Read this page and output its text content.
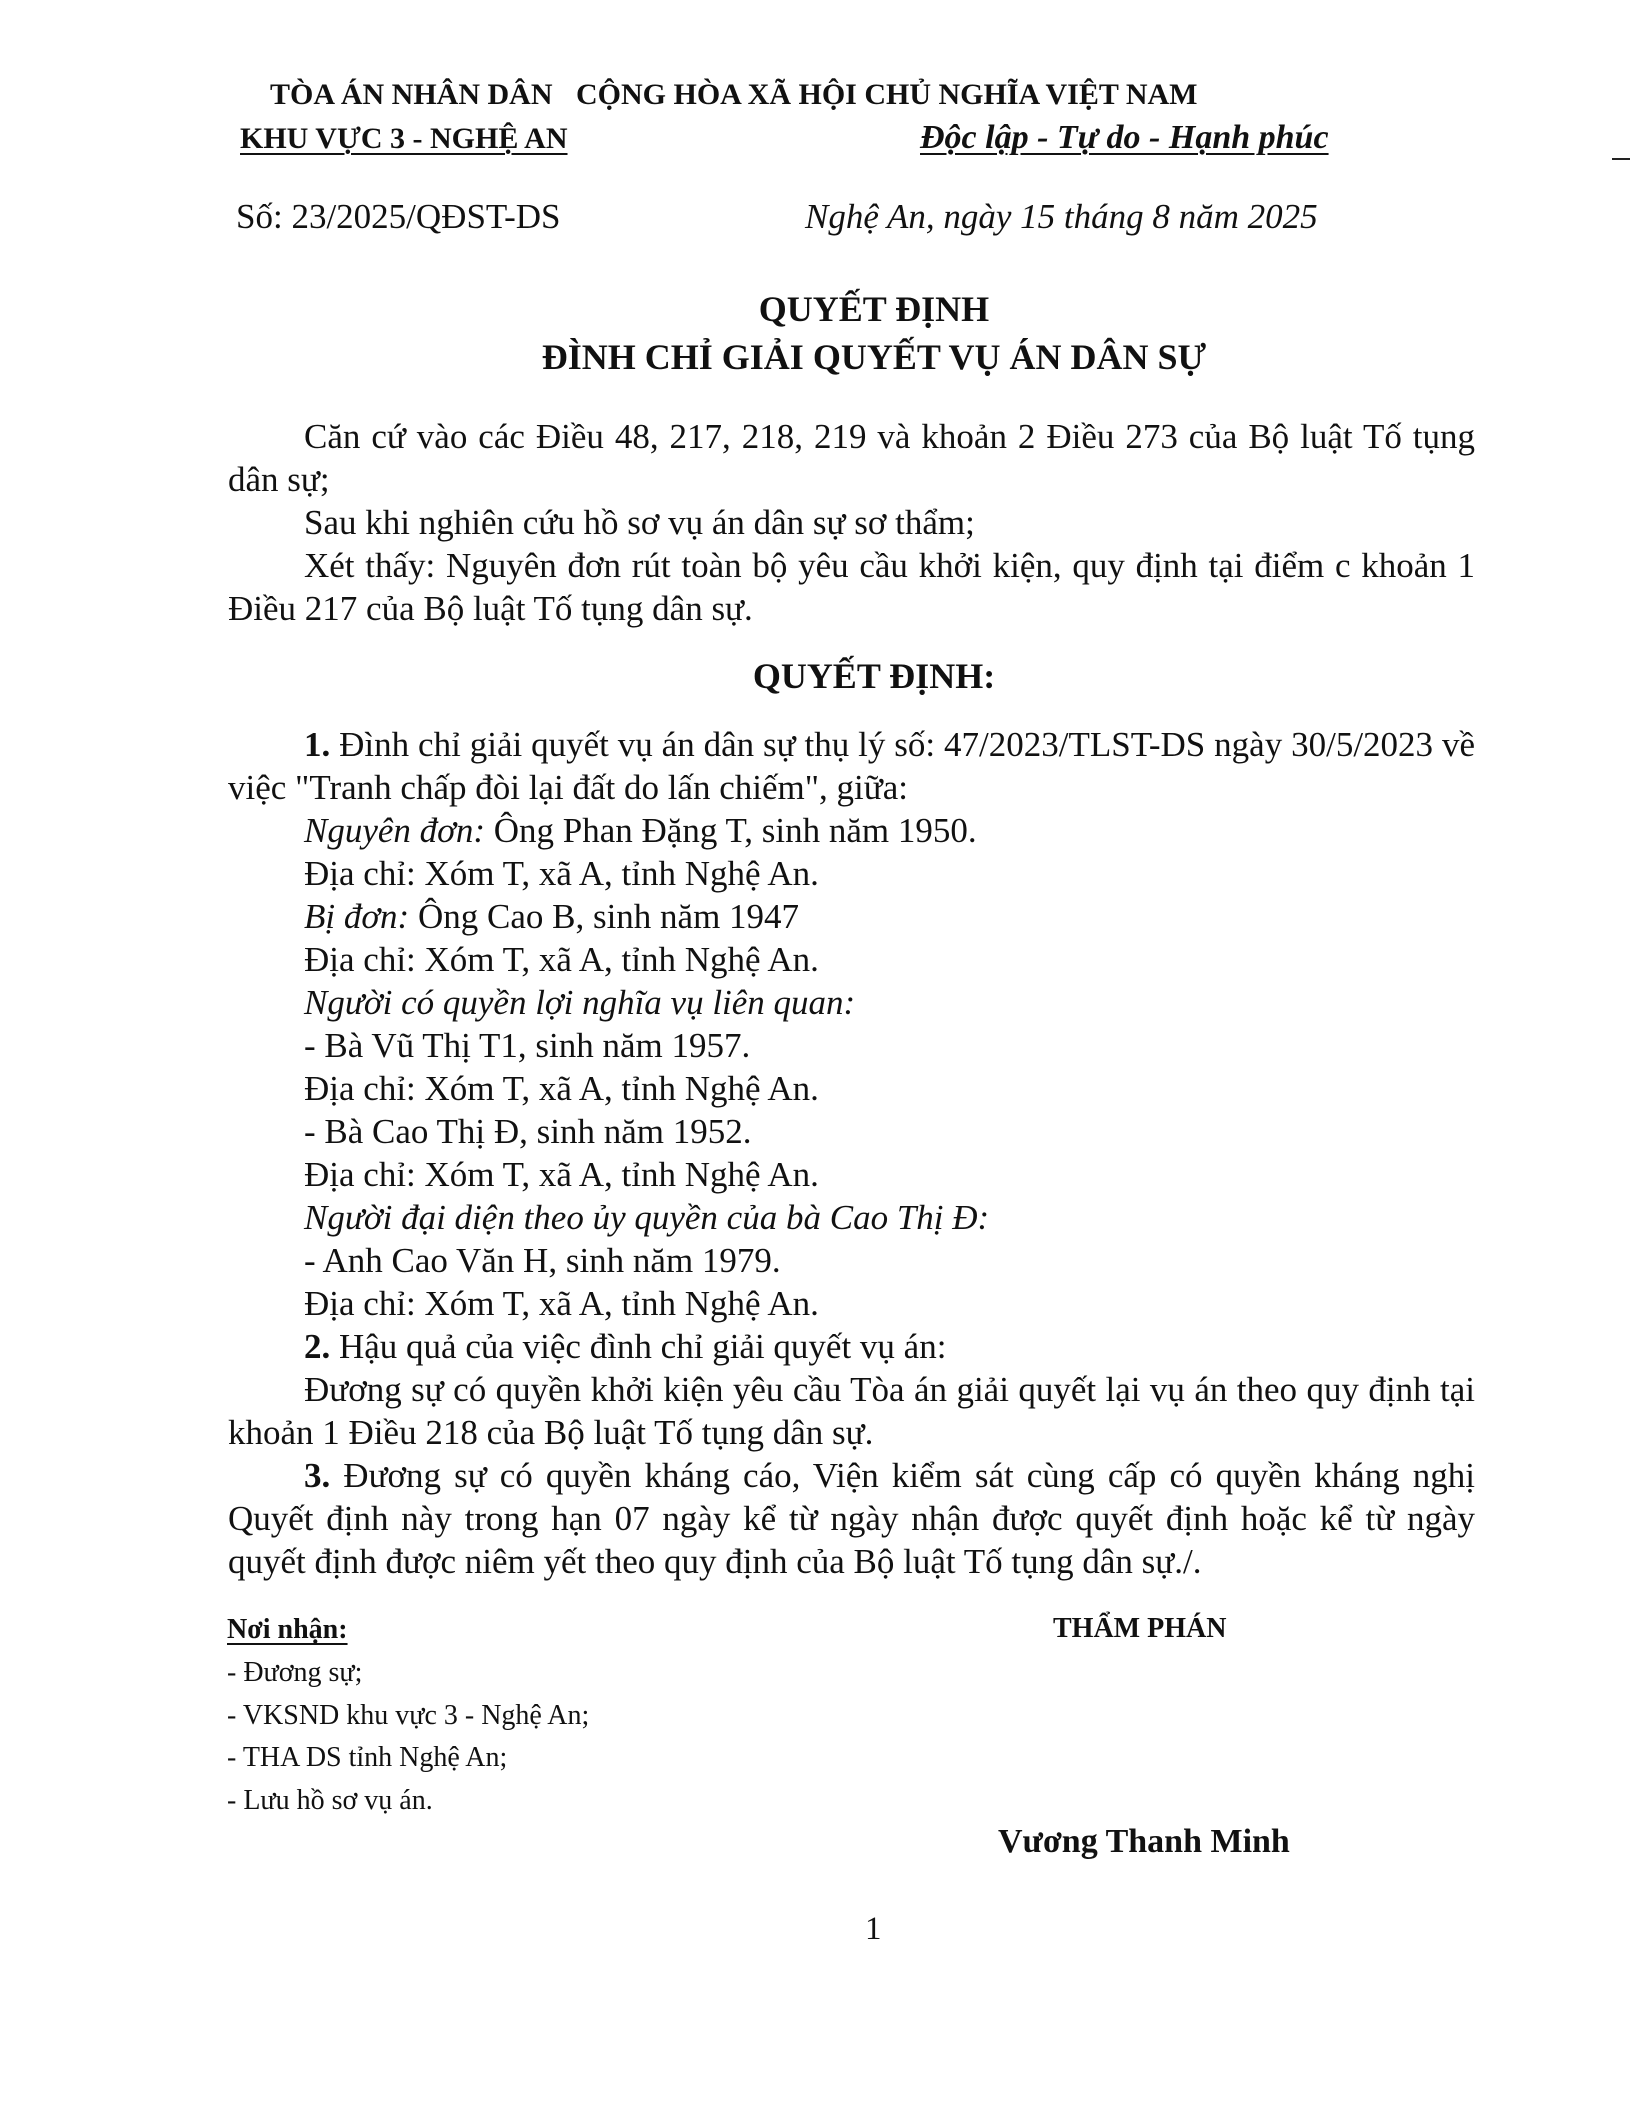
TÒA ÁN NHÂN DÂN
KHU VỰC 3 - NGHỆ AN
CỘNG HÒA XÃ HỘI CHỦ NGHĨA VIỆT NAM
Độc lập - Tự do - Hạnh phúc
Số: 23/2025/QĐST-DS	Nghệ An, ngày 15 tháng 8 năm 2025
QUYẾT ĐỊNH
ĐÌNH CHỈ GIẢI QUYẾT VỤ ÁN DÂN SỰ

Căn cứ vào các Điều 48, 217, 218, 219 và khoản 2 Điều 273 của Bộ luật Tố tụng dân sự;

Sau khi nghiên cứu hồ sơ vụ án dân sự sơ thẩm;

Xét thấy: Nguyên đơn rút toàn bộ yêu cầu khởi kiện, quy định tại điểm c khoản 1 Điều 217 của Bộ luật Tố tụng dân sự.

QUYẾT ĐỊNH:

1. Đình chỉ giải quyết vụ án dân sự thụ lý số: 47/2023/TLST-DS ngày 30/5/2023 về việc "Tranh chấp đòi lại đất do lấn chiếm", giữa:

Nguyên đơn: Ông Phan Đặng T, sinh năm 1950.

Địa chỉ: Xóm T, xã A, tỉnh Nghệ An.

Bị đơn: Ông Cao B, sinh năm 1947

Địa chỉ: Xóm T, xã A, tỉnh Nghệ An.

Người có quyền lợi nghĩa vụ liên quan:

- Bà Vũ Thị T1, sinh năm 1957.

Địa chỉ: Xóm T, xã A, tỉnh Nghệ An.

- Bà Cao Thị Đ, sinh năm 1952.

Địa chỉ: Xóm T, xã A, tỉnh Nghệ An.

Người đại diện theo ủy quyền của bà Cao Thị Đ:

- Anh Cao Văn H, sinh năm 1979.

Địa chỉ: Xóm T, xã A, tỉnh Nghệ An.

2. Hậu quả của việc đình chỉ giải quyết vụ án:

Đương sự có quyền khởi kiện yêu cầu Tòa án giải quyết lại vụ án theo quy định tại khoản 1 Điều 218 của Bộ luật Tố tụng dân sự.

3. Đương sự có quyền kháng cáo, Viện kiểm sát cùng cấp có quyền kháng nghị Quyết định này trong hạn 07 ngày kể từ ngày nhận được quyết định hoặc kể từ ngày quyết định được niêm yết theo quy định của Bộ luật Tố tụng dân sự./.

Nơi nhận:
- Đương sự;
- VKSND khu vực 3 - Nghệ An;
- THA DS tỉnh Nghệ An;
- Lưu hồ sơ vụ án.
THẨM PHÁN
Vương Thanh Minh
1
